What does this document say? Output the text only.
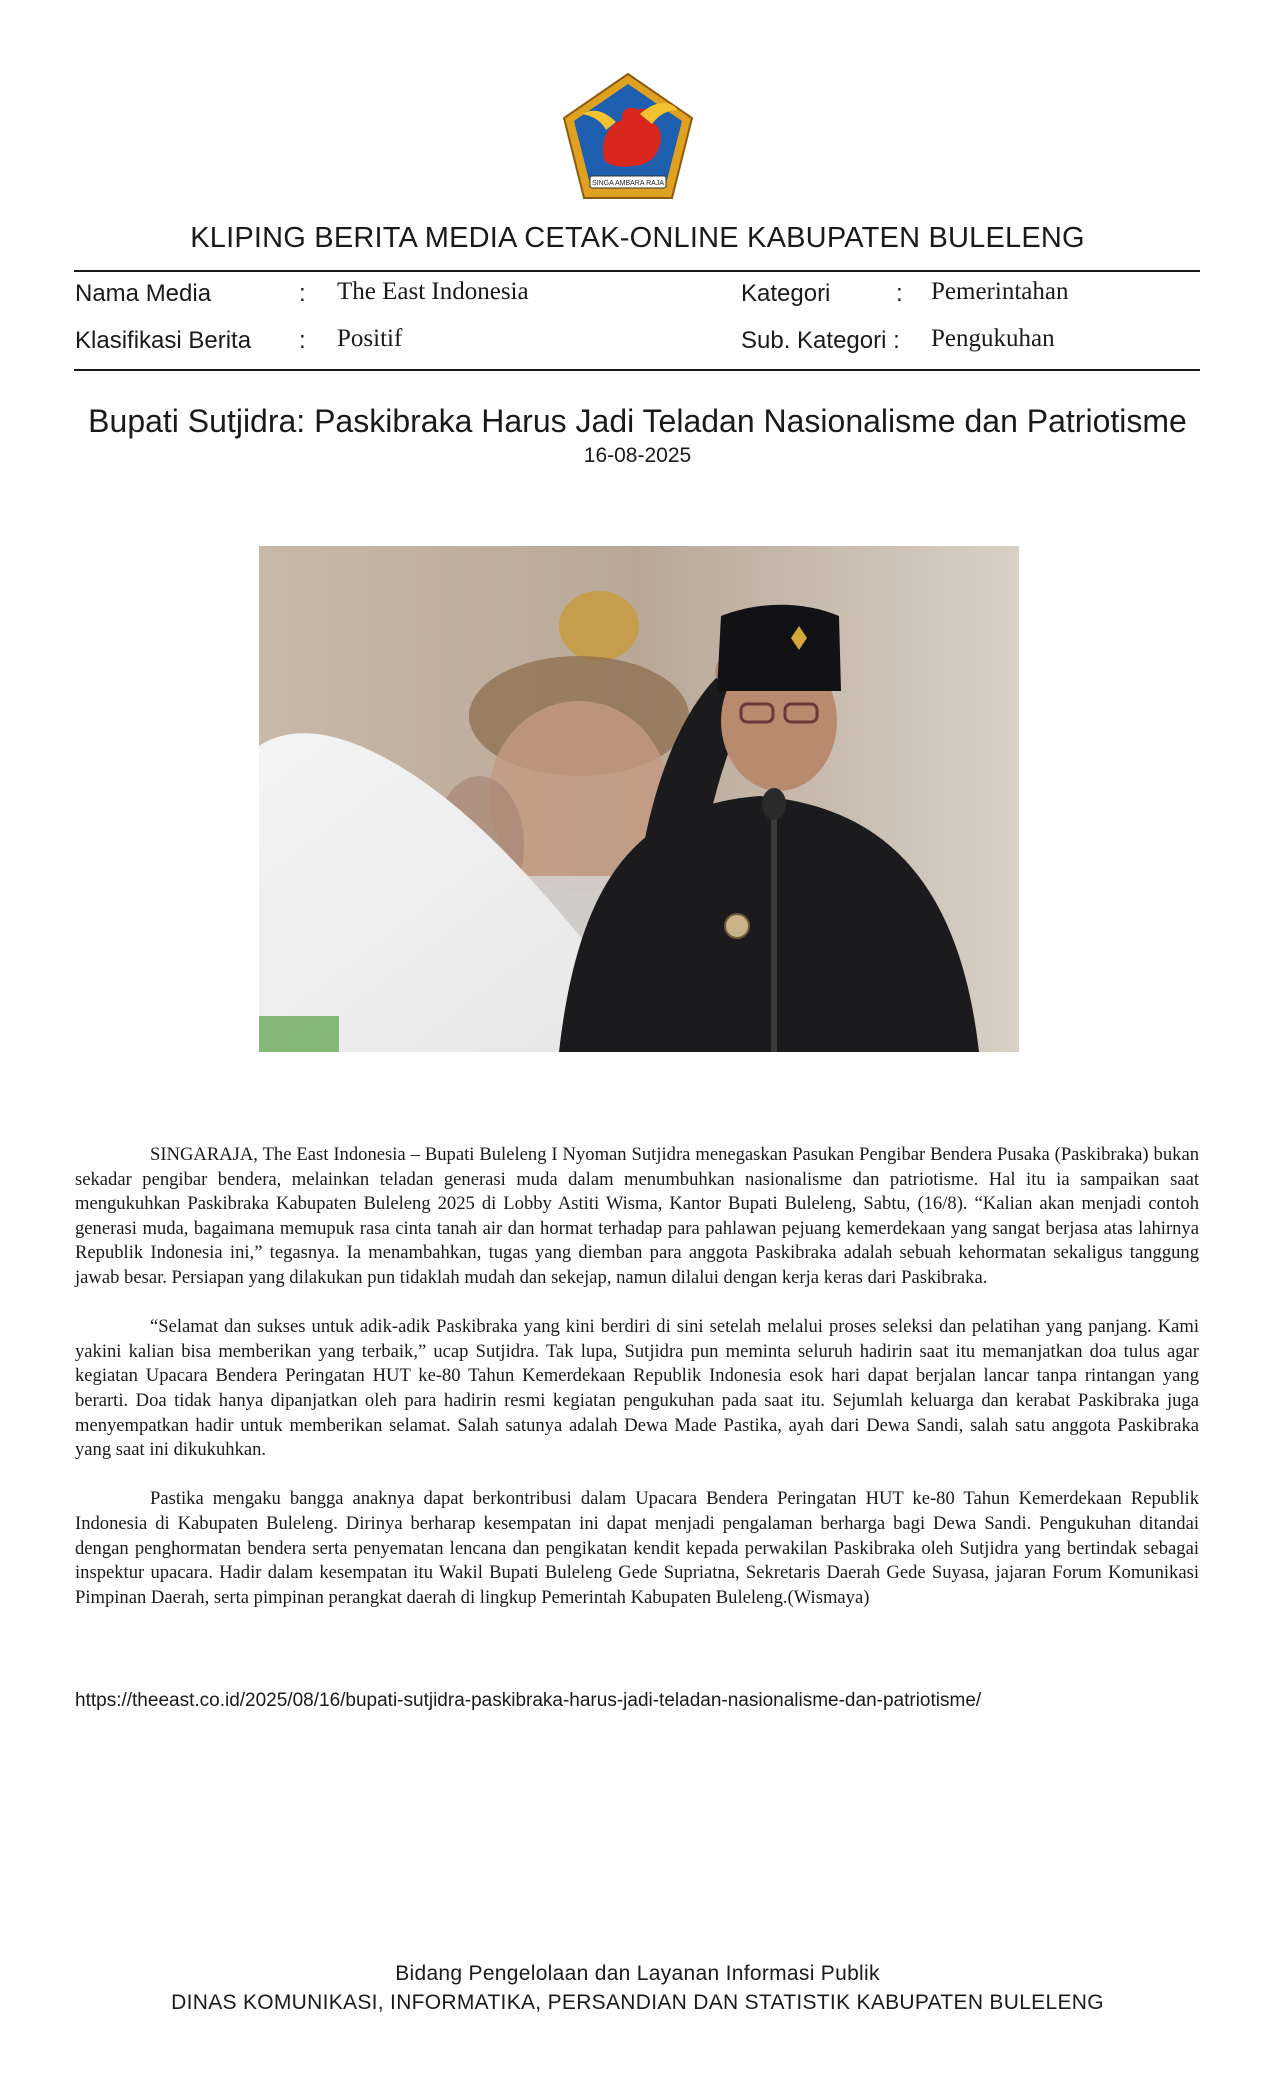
SINGA AMBARA RAJA
KLIPING BERITA MEDIA CETAK-ONLINE KABUPATEN BULELENG
Nama Media	: The East Indonesia	Kategori	: Pemerintahan
Klasifikasi Berita : Positif	Sub. Kategori : Pengukuhan
Bupati Sutjidra: Paskibraka Harus Jadi Teladan Nasionalisme dan Patriotisme
16-08-2025

SINGARAJA, The East Indonesia – Bupati Buleleng I Nyoman Sutjidra menegaskan Pasukan Pengibar Bendera Pusaka (Paskibraka) bukan sekadar pengibar bendera, melainkan teladan generasi muda dalam menumbuhkan nasionalisme dan patriotisme. Hal itu ia sampaikan saat mengukuhkan Paskibraka Kabupaten Buleleng 2025 di Lobby Astiti Wisma, Kantor Bupati Buleleng, Sabtu, (16/8). “Kalian akan menjadi contoh generasi muda, bagaimana memupuk rasa cinta tanah air dan hormat terhadap para pahlawan pejuang kemerdekaan yang sangat berjasa atas lahirnya Republik Indonesia ini,” tegasnya. Ia menambahkan, tugas yang diemban para anggota Paskibraka adalah sebuah kehormatan sekaligus tanggung jawab besar. Persiapan yang dilakukan pun tidaklah mudah dan sekejap, namun dilalui dengan kerja keras dari Paskibraka.

“Selamat dan sukses untuk adik-adik Paskibraka yang kini berdiri di sini setelah melalui proses seleksi dan pelatihan yang panjang. Kami yakini kalian bisa memberikan yang terbaik,” ucap Sutjidra. Tak lupa, Sutjidra pun meminta seluruh hadirin saat itu memanjatkan doa tulus agar kegiatan Upacara Bendera Peringatan HUT ke-80 Tahun Kemerdekaan Republik Indonesia esok hari dapat berjalan lancar tanpa rintangan yang berarti. Doa tidak hanya dipanjatkan oleh para hadirin resmi kegiatan pengukuhan pada saat itu. Sejumlah keluarga dan kerabat Paskibraka juga menyempatkan hadir untuk memberikan selamat. Salah satunya adalah Dewa Made Pastika, ayah dari Dewa Sandi, salah satu anggota Paskibraka yang saat ini dikukuhkan.

Pastika mengaku bangga anaknya dapat berkontribusi dalam Upacara Bendera Peringatan HUT ke-80 Tahun Kemerdekaan Republik Indonesia di Kabupaten Buleleng. Dirinya berharap kesempatan ini dapat menjadi pengalaman berharga bagi Dewa Sandi. Pengukuhan ditandai dengan penghormatan bendera serta penyematan lencana dan pengikatan kendit kepada perwakilan Paskibraka oleh Sutjidra yang bertindak sebagai inspektur upacara. Hadir dalam kesempatan itu Wakil Bupati Buleleng Gede Supriatna, Sekretaris Daerah Gede Suyasa, jajaran Forum Komunikasi Pimpinan Daerah, serta pimpinan perangkat daerah di lingkup Pemerintah Kabupaten Buleleng.(Wismaya)

https://theeast.co.id/2025/08/16/bupati-sutjidra-paskibraka-harus-jadi-teladan-nasionalisme-dan-patriotisme/
Bidang Pengelolaan dan Layanan Informasi Publik
DINAS KOMUNIKASI, INFORMATIKA, PERSANDIAN DAN STATISTIK KABUPATEN BULELENG
